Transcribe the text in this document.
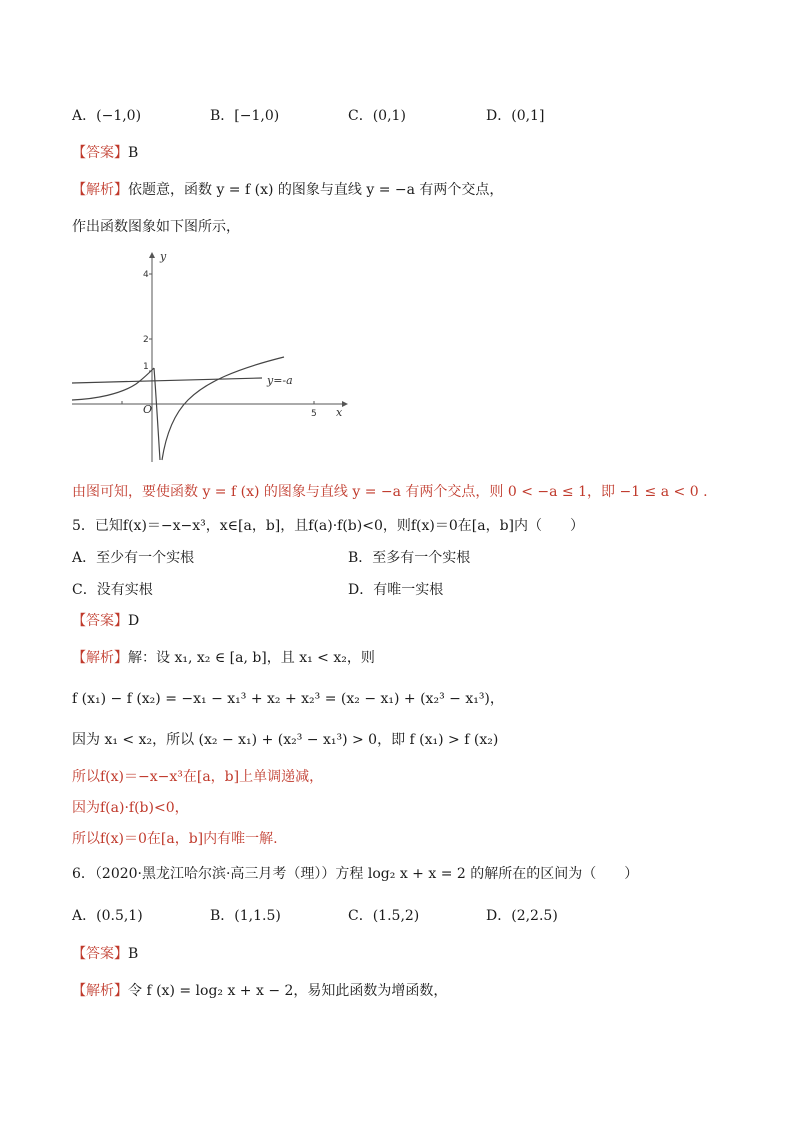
A．(−1,0)	B．[−1,0)	C．(0,1)	D．(0,1]
【答案】B
【解析】依题意，函数 y = f (x) 的图象与直线 y = −a 有两个交点，
作出函数图象如下图所示，
y
x
O
4
2
1
5
y=-a
由图可知，要使函数 y = f (x) 的图象与直线 y = −a 有两个交点，则 0 < −a ≤ 1，即 −1 ≤ a < 0 .
5．已知f(x)＝−x−x³，x∈[a，b]，且f(a)·f(b)<0，则f(x)＝0在[a，b]内（　　）
A．至少有一个实根	B．至多有一个实根
C．没有实根	D．有唯一实根
【答案】D
【解析】解：设 x₁, x₂ ∈ [a, b]，且 x₁ < x₂，则
f (x₁) − f (x₂) = −x₁ − x₁³ + x₂ + x₂³ = (x₂ − x₁) + (x₂³ − x₁³)，
因为 x₁ < x₂，所以 (x₂ − x₁) + (x₂³ − x₁³) > 0，即 f (x₁) > f (x₂)
所以f(x)＝−x−x³在[a，b]上单调递减，
因为f(a)·f(b)<0，
所以f(x)＝0在[a，b]内有唯一解.
6．（2020·黑龙江哈尔滨·高三月考（理））方程 log₂ x + x = 2 的解所在的区间为（　　）
A．(0.5,1)	B．(1,1.5)	C．(1.5,2)	D．(2,2.5)
【答案】B
【解析】令 f (x) = log₂ x + x − 2，易知此函数为增函数，
